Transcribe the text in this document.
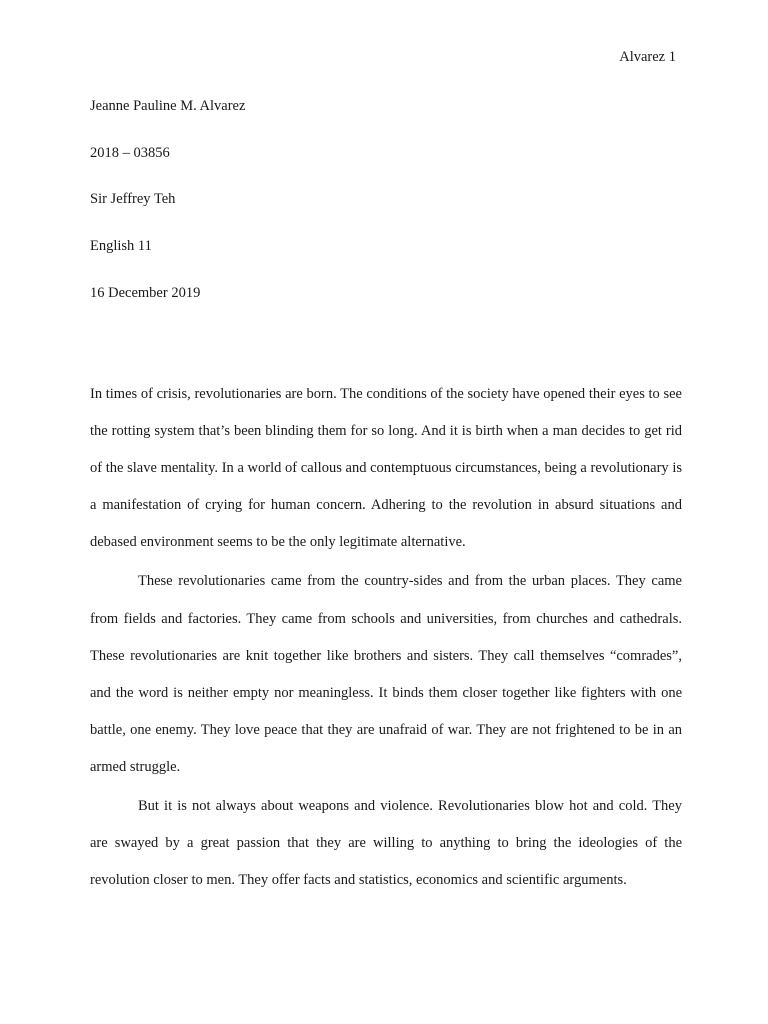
Alvarez 1
Jeanne Pauline M. Alvarez
2018 – 03856
Sir Jeffrey Teh
English 11
16 December 2019

In times of crisis, revolutionaries are born. The conditions of the society have opened their eyes to see the rotting system that’s been blinding them for so long. And it is birth when a man decides to get rid of the slave mentality. In a world of callous and contemptuous circumstances, being a revolutionary is a manifestation of crying for human concern. Adhering to the revolution in absurd situations and debased environment seems to be the only legitimate alternative.

These revolutionaries came from the country-sides and from the urban places. They came from fields and factories. They came from schools and universities, from churches and cathedrals. These revolutionaries are knit together like brothers and sisters. They call themselves “comrades”, and the word is neither empty nor meaningless. It binds them closer together like fighters with one battle, one enemy. They love peace that they are unafraid of war. They are not frightened to be in an armed struggle.

But it is not always about weapons and violence. Revolutionaries blow hot and cold. They are swayed by a great passion that they are willing to anything to bring the ideologies of the revolution closer to men. They offer facts and statistics, economics and scientific arguments.
